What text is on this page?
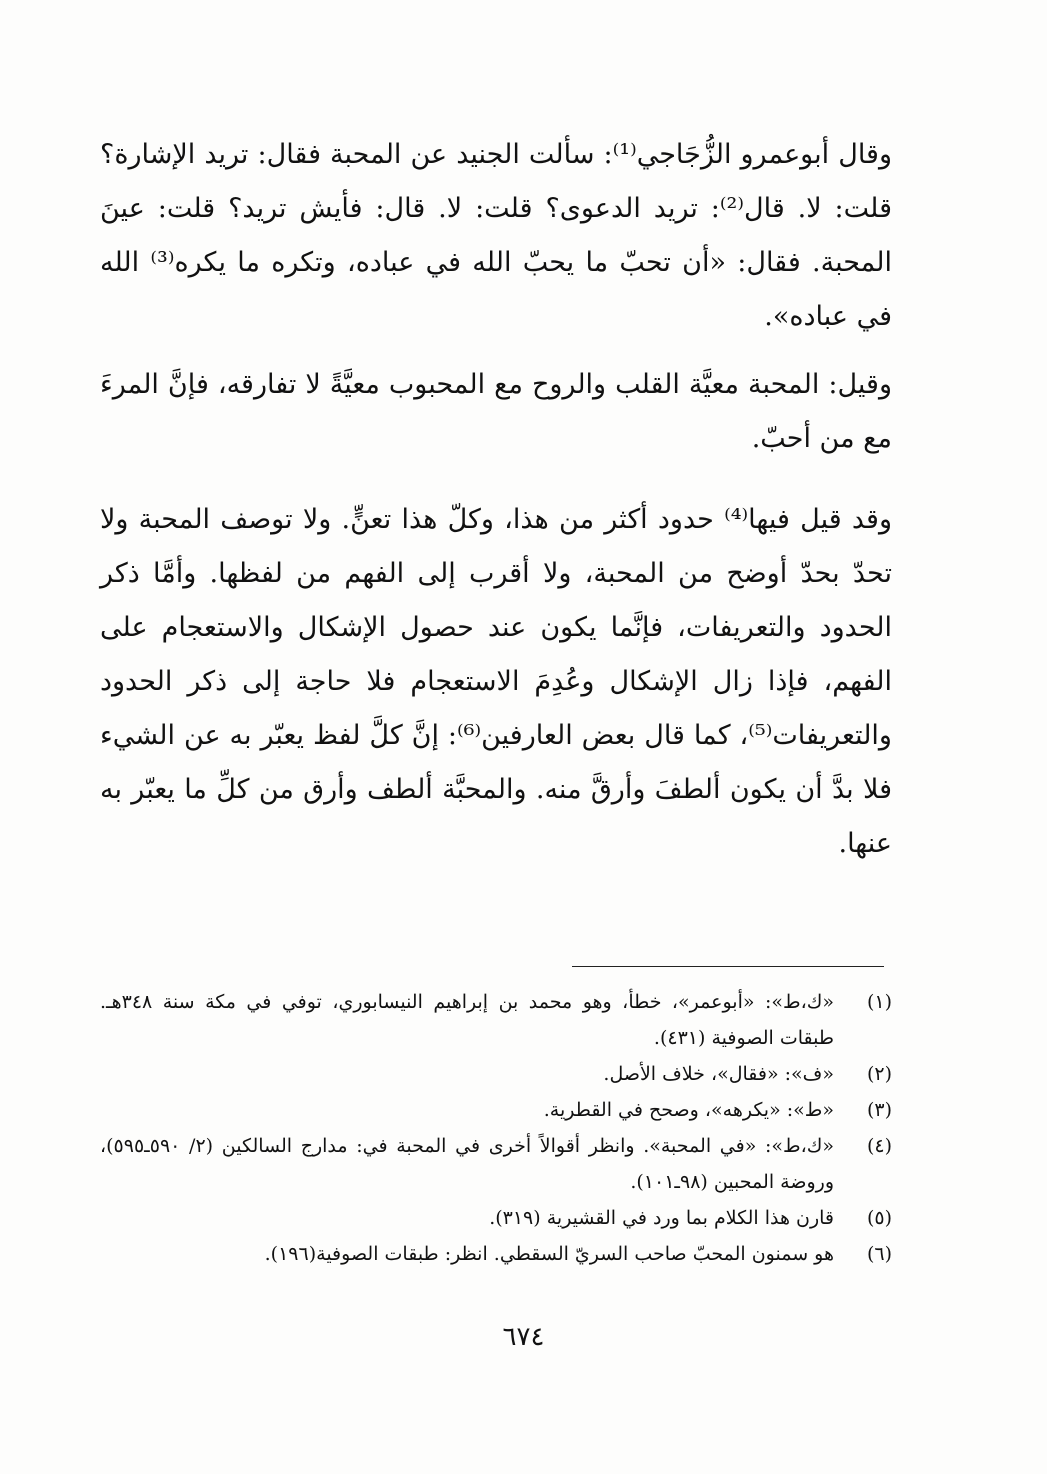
وقال أبوعمرو الزُّجَاجي⁽¹⁾: سألت الجنيد عن المحبة فقال: تريد الإشارة؟ قلت: لا. قال⁽²⁾: تريد الدعوى؟ قلت: لا. قال: فأيش تريد؟ قلت: عينَ المحبة. فقال: «أن تحبّ ما يحبّ الله في عباده، وتكره ما يكره⁽³⁾ الله في عباده».

وقيل: المحبة معيَّة القلب والروح مع المحبوب معيَّةً لا تفارقه، فإنَّ المرءَ مع من أحبّ.

وقد قيل فيها⁽⁴⁾ حدود أكثر من هذا، وكلّ هذا تعنٍّ. ولا توصف المحبة ولا تحدّ بحدّ أوضح من المحبة، ولا أقرب إلى الفهم من لفظها. وأمَّا ذكر الحدود والتعريفات، فإنَّما يكون عند حصول الإشكال والاستعجام على الفهم، فإذا زال الإشكال وعُدِمَ الاستعجام فلا حاجة إلى ذكر الحدود والتعريفات⁽⁵⁾، كما قال بعض العارفين⁽⁶⁾: إنَّ كلَّ لفظ يعبّر به عن الشيء فلا بدَّ أن يكون ألطفَ وأرقَّ منه. والمحبَّة ألطف وأرق من كلِّ ما يعبّر به عنها.

(١)
«ك،ط»: «أبوعمر»، خطأ، وهو محمد بن إبراهيم النيسابوري، توفي في مكة سنة ٣٤٨هـ. طبقات الصوفية (٤٣١).
(٢)
«ف»: «فقال»، خلاف الأصل.
(٣)
«ط»: «يكرهه»، وصحح في القطرية.
(٤)
«ك،ط»: «في المحبة». وانظر أقوالاً أخرى في المحبة في: مدارج السالكين (٢/ ٥٩٠ـ٥٩٥)، وروضة المحبين (٩٨ـ١٠١).
(٥)
قارن هذا الكلام بما ورد في القشيرية (٣١٩).
(٦)
هو سمنون المحبّ صاحب السريّ السقطي. انظر: طبقات الصوفية(١٩٦).
٦٧٤
